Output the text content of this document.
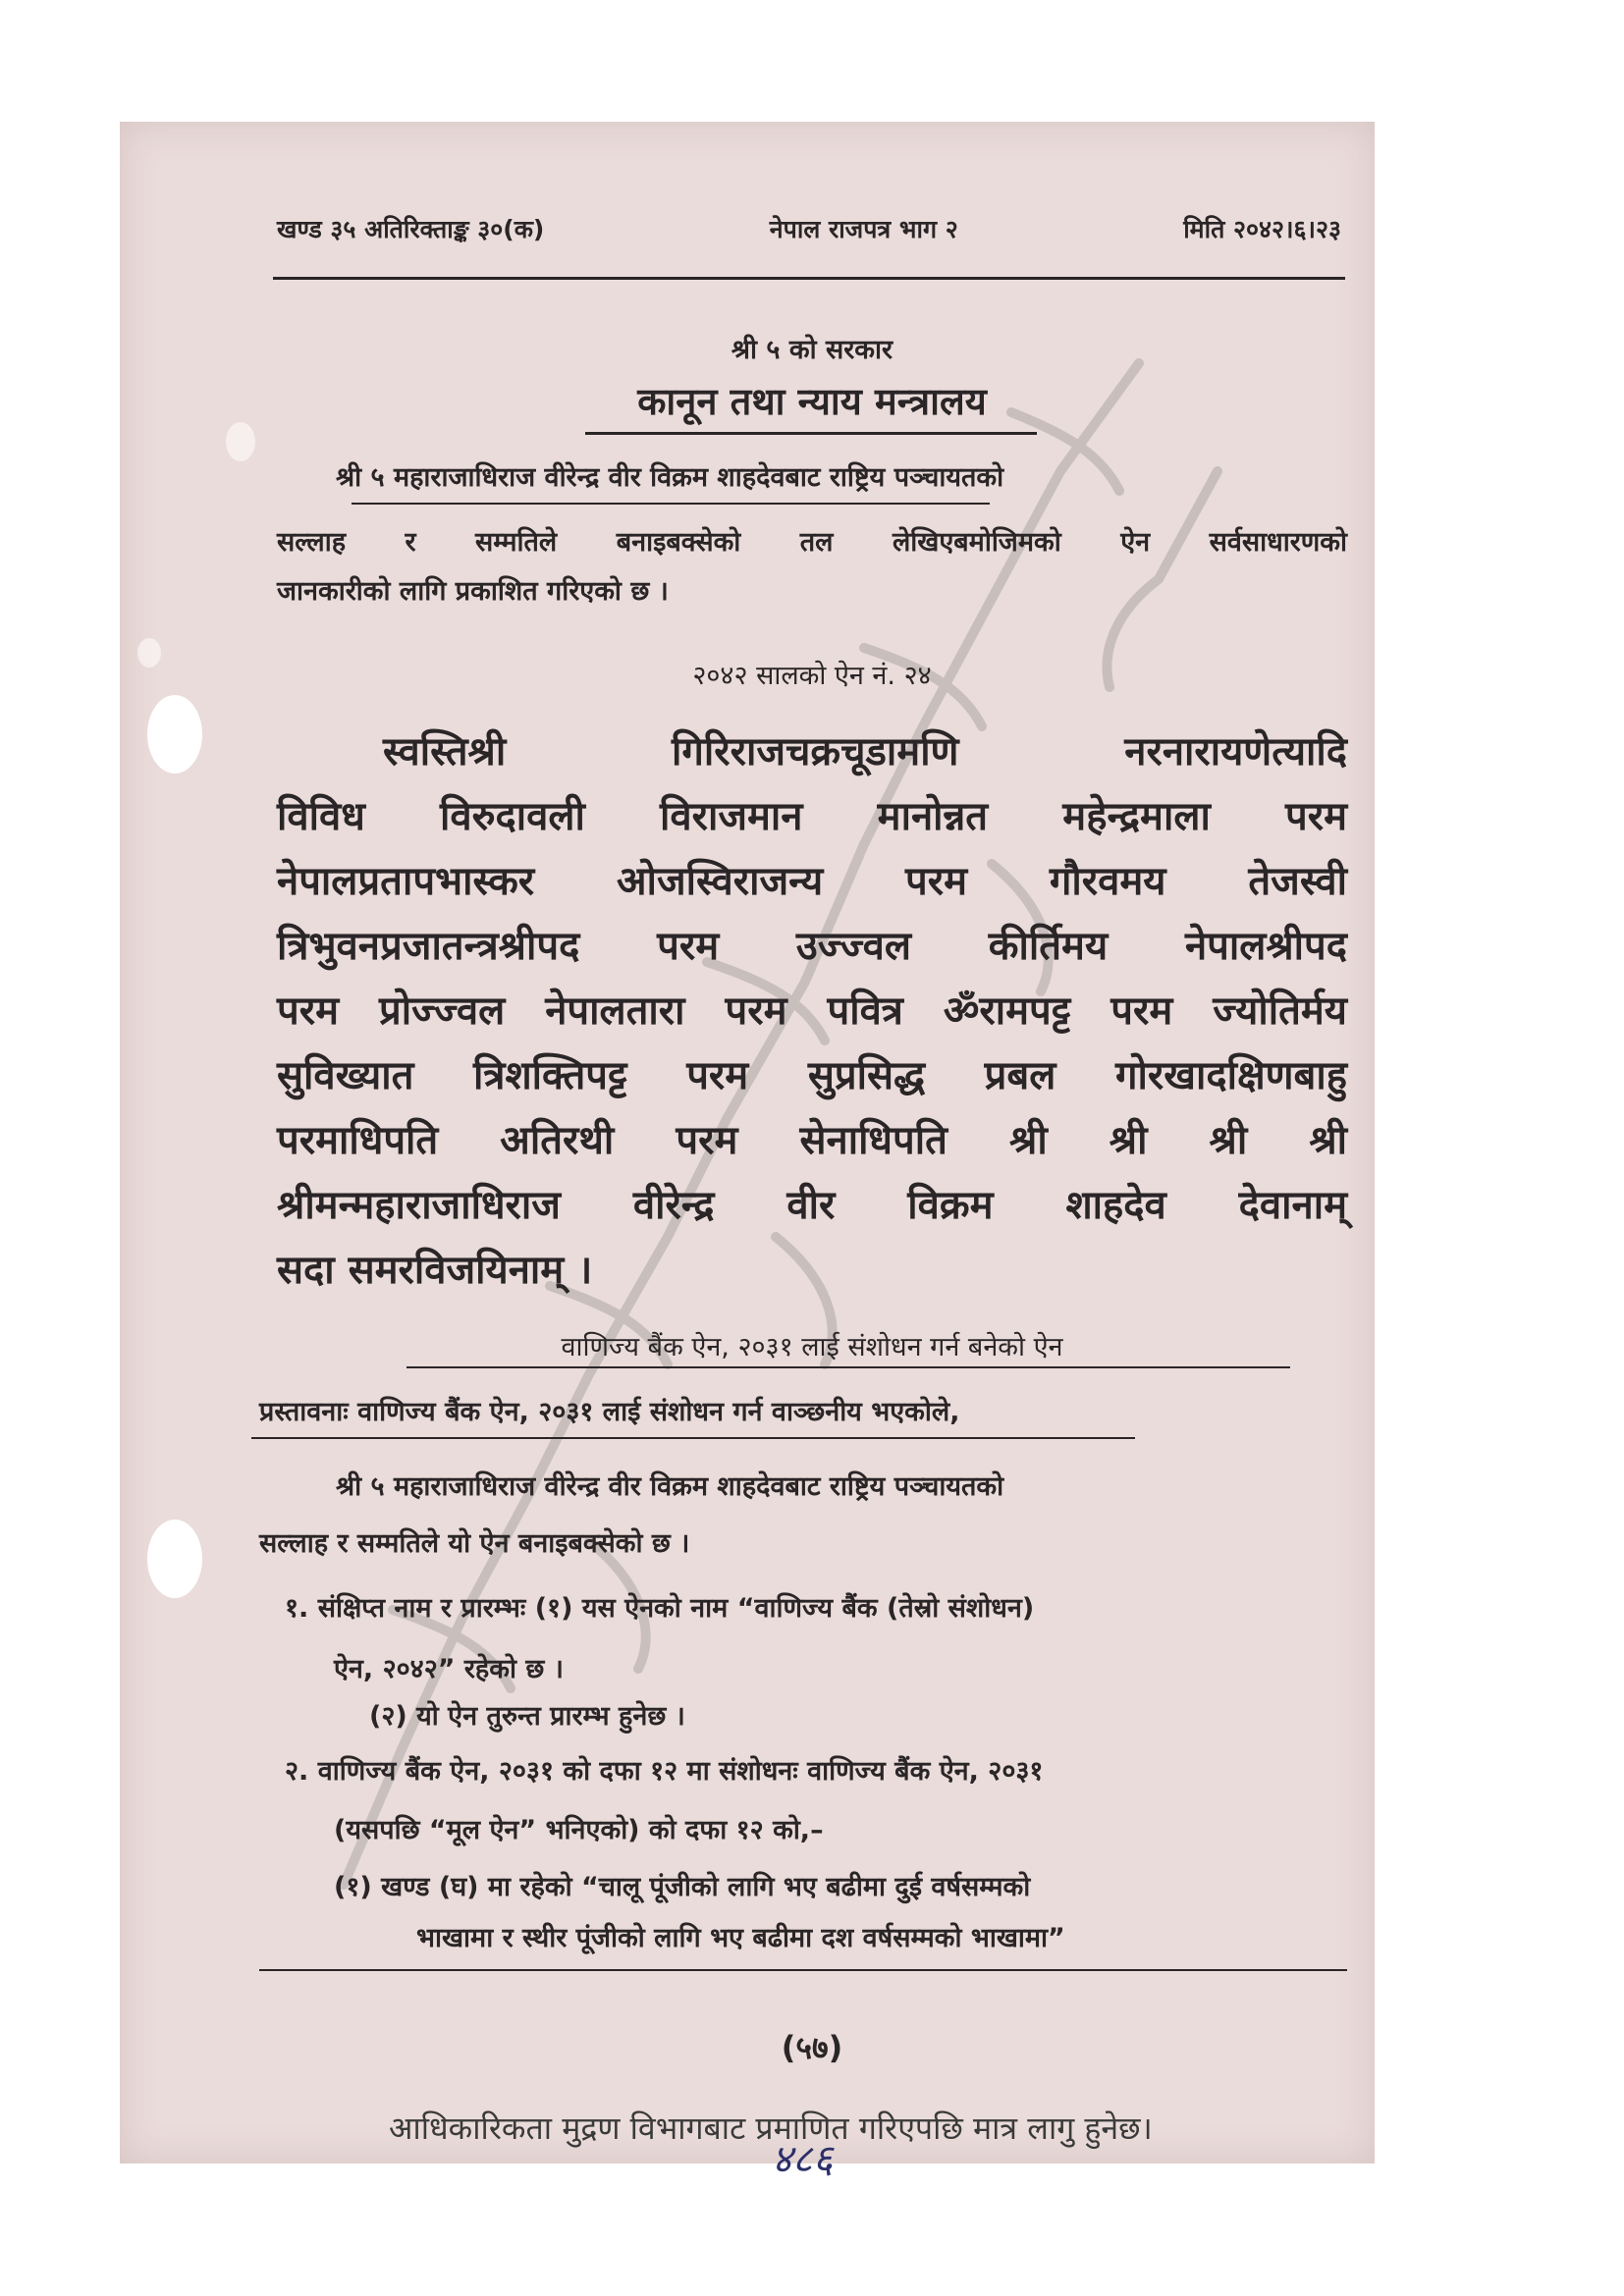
खण्ड ३५ अतिरिक्ताङ्क ३०(क)	नेपाल राजपत्र भाग २	मिति २०४२।६।२३
श्री ५ को सरकार
कानून तथा न्याय मन्त्रालय
श्री ५ महाराजाधिराज वीरेन्द्र वीर विक्रम शाहदेवबाट राष्ट्रिय पञ्चायतको
सल्लाह र सम्मतिले बनाइबक्सेको तल लेखिएबमोजिमको ऐन सर्वसाधारणको
जानकारीको लागि प्रकाशित गरिएको छ ।
२०४२ सालको ऐन नं. २४
स्वस्तिश्री गिरिराजचक्रचूडामणि नरनारायणेत्यादि
विविध विरुदावली विराजमान मानोन्नत महेन्द्रमाला परम
नेपालप्रतापभास्कर ओजस्विराजन्य परम गौरवमय तेजस्वी
त्रिभुवनप्रजातन्त्रश्रीपद परम उज्ज्वल कीर्तिमय नेपालश्रीपद
परम प्रोज्ज्वल नेपालतारा परम पवित्र ॐरामपट्ट परम ज्योतिर्मय
सुविख्यात त्रिशक्तिपट्ट परम सुप्रसिद्ध प्रबल गोरखादक्षिणबाहु
परमाधिपति अतिरथी परम सेनाधिपति श्री श्री श्री श्री
श्रीमन्महाराजाधिराज वीरेन्द्र वीर विक्रम शाहदेव देवानाम्
सदा समरविजयिनाम् ।
वाणिज्य बैंक ऐन, २०३१ लाई संशोधन गर्न बनेको ऐन
प्रस्तावनाः वाणिज्य बैंक ऐन, २०३१ लाई संशोधन गर्न वाञ्छनीय भएकोले,
श्री ५ महाराजाधिराज वीरेन्द्र वीर विक्रम शाहदेवबाट राष्ट्रिय पञ्चायतको
सल्लाह र सम्मतिले यो ऐन बनाइबक्सेको छ ।
१. संक्षिप्त नाम र प्रारम्भः (१) यस ऐनको नाम “वाणिज्य बैंक (तेस्रो संशोधन)
ऐन, २०४२” रहेको छ ।
(२) यो ऐन तुरुन्त प्रारम्भ हुनेछ ।
२. वाणिज्य बैंक ऐन, २०३१ को दफा १२ मा संशोधनः वाणिज्य बैंक ऐन, २०३१
(यसपछि “मूल ऐन” भनिएको) को दफा १२ को,–
(१) खण्ड (घ) मा रहेको “चालू पूंजीको लागि भए बढीमा दुई वर्षसम्मको
भाखामा र स्थीर पूंजीको लागि भए बढीमा दश वर्षसम्मको भाखामा”
(५७)
आधिकारिकता मुद्रण विभागबाट प्रमाणित गरिएपछि मात्र लागु हुनेछ।
४८६
